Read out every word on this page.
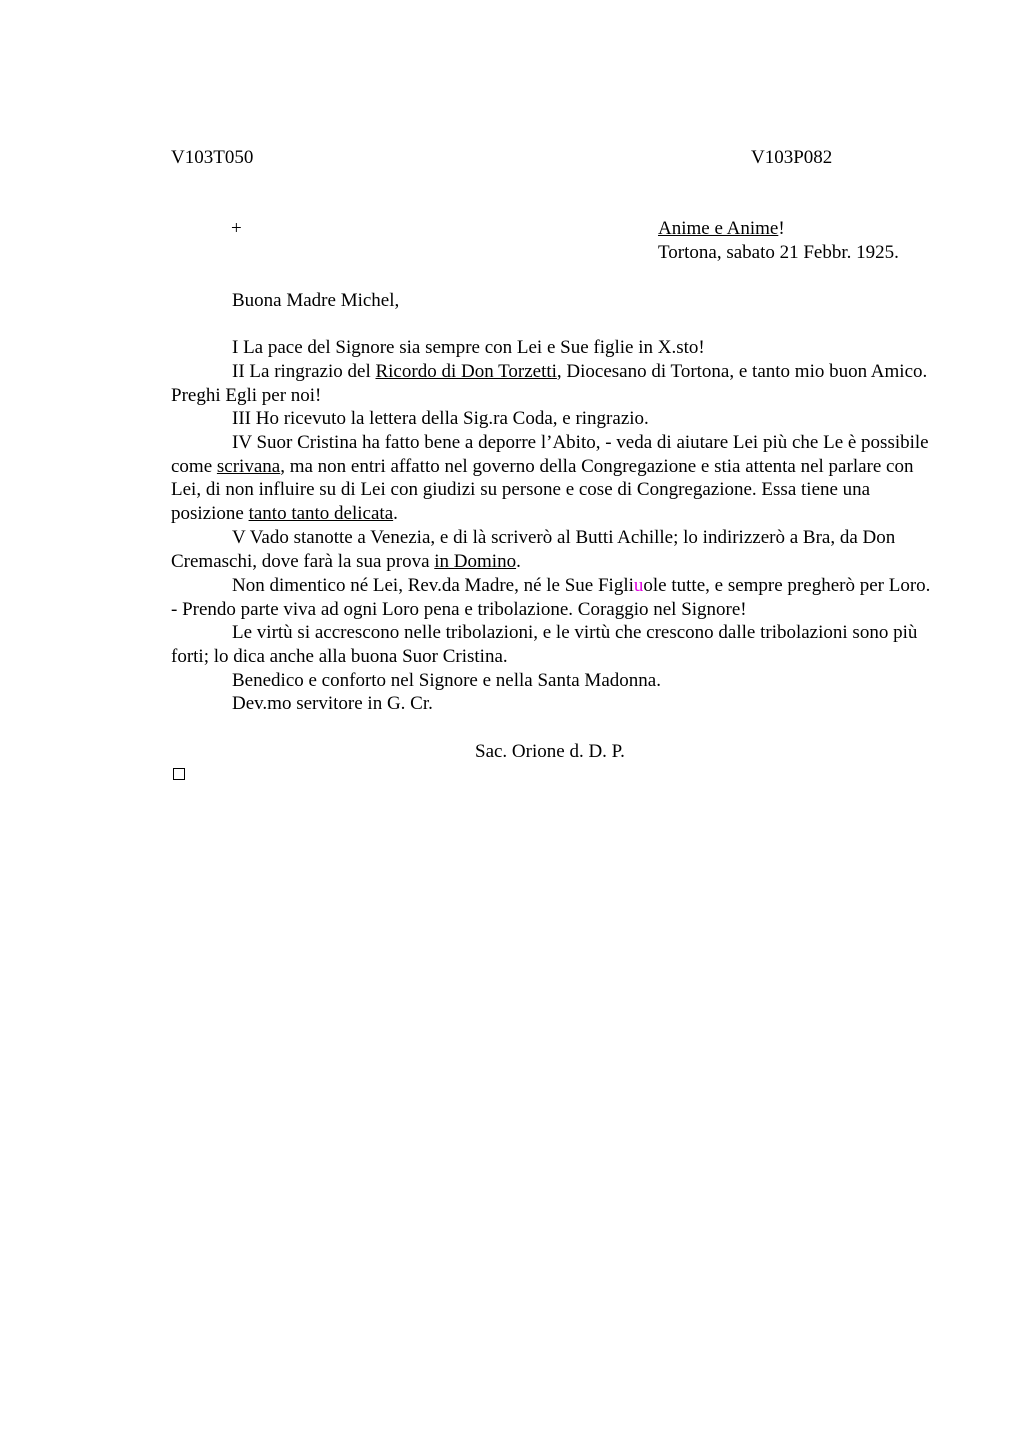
V103T050	V103P082
+	Anime e Anime!
Tortona, sabato 21 Febbr. 1925.
Buona Madre Michel,
I La pace del Signore sia sempre con Lei e Sue figlie in X.sto!
II La ringrazio del Ricordo di Don Torzetti, Diocesano di Tortona, e tanto mio buon Amico. Preghi Egli per noi!
III Ho ricevuto la lettera della Sig.ra Coda, e ringrazio.
IV Suor Cristina ha fatto bene a deporre l’Abito, - veda di aiutare Lei più che Le è possibile come scrivana, ma non entri affatto nel governo della Congregazione e stia attenta nel parlare con Lei, di non influire su di Lei con giudizi su persone e cose di Congregazione. Essa tiene una posizione tanto tanto delicata.
V Vado stanotte a Venezia, e di là scriverò al Butti Achille; lo indirizzerò a Bra, da Don Cremaschi, dove farà la sua prova in Domino.
Non dimentico né Lei, Rev.da Madre, né le Sue Figliuole tutte, e sempre pregherò per Loro. - Prendo parte viva ad ogni Loro pena e tribolazione. Coraggio nel Signore!
Le virtù si accrescono nelle tribolazioni, e le virtù che crescono dalle tribolazioni sono più forti; lo dica anche alla buona Suor Cristina.
Benedico e conforto nel Signore e nella Santa Madonna.
Dev.mo servitore in G. Cr.
Sac. Orione d. D. P.
